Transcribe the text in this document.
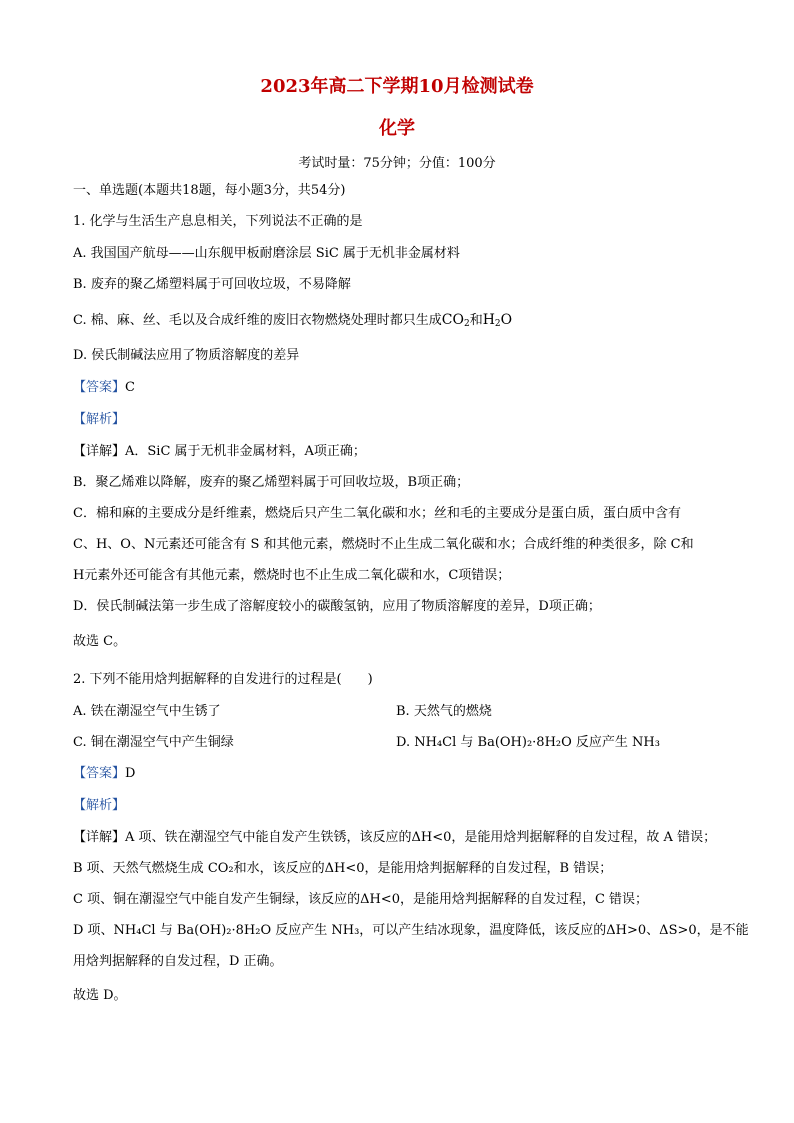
2023年高二下学期10月检测试卷
化学
考试时量：75分钟；分值：100分
一、单选题(本题共18题，每小题3分，共54分)
1. 化学与生活生产息息相关，下列说法不正确的是
A. 我国国产航母——山东舰甲板耐磨涂层 SiC 属于无机非金属材料
B. 废弃的聚乙烯塑料属于可回收垃圾，不易降解
C. 棉、麻、丝、毛以及合成纤维的废旧衣物燃烧处理时都只生成$CO_2$和$H_2O$
D. 侯氏制碱法应用了物质溶解度的差异
【答案】C
【解析】
【详解】A．SiC 属于无机非金属材料，A项正确；
B．聚乙烯难以降解，废弃的聚乙烯塑料属于可回收垃圾，B项正确；
C．棉和麻的主要成分是纤维素，燃烧后只产生二氧化碳和水；丝和毛的主要成分是蛋白质，蛋白质中含有
C、H、O、N元素还可能含有 S 和其他元素，燃烧时不止生成二氧化碳和水；合成纤维的种类很多，除 C和
H元素外还可能含有其他元素，燃烧时也不止生成二氧化碳和水，C项错误；
D．侯氏制碱法第一步生成了溶解度较小的碳酸氢钠，应用了物质溶解度的差异，D项正确；
故选 C。
2. 下列不能用焓判据解释的自发进行的过程是(　　)
A. 铁在潮湿空气中生锈了	B. 天然气的燃烧
C. 铜在潮湿空气中产生铜绿	D. NH₄Cl 与 Ba(OH)₂·8H₂O 反应产生 NH₃
【答案】D
【解析】
【详解】A 项、铁在潮湿空气中能自发产生铁锈，该反应的ΔH<0，是能用焓判据解释的自发过程，故 A 错误；
B 项、天然气燃烧生成 CO₂和水，该反应的ΔH<0，是能用焓判据解释的自发过程，B 错误；
C 项、铜在潮湿空气中能自发产生铜绿，该反应的ΔH<0，是能用焓判据解释的自发过程，C 错误；
D 项、NH₄Cl 与 Ba(OH)₂·8H₂O 反应产生 NH₃，可以产生结冰现象，温度降低，该反应的ΔH>0、ΔS>0，是不能
用焓判据解释的自发过程，D 正确。
故选 D。
